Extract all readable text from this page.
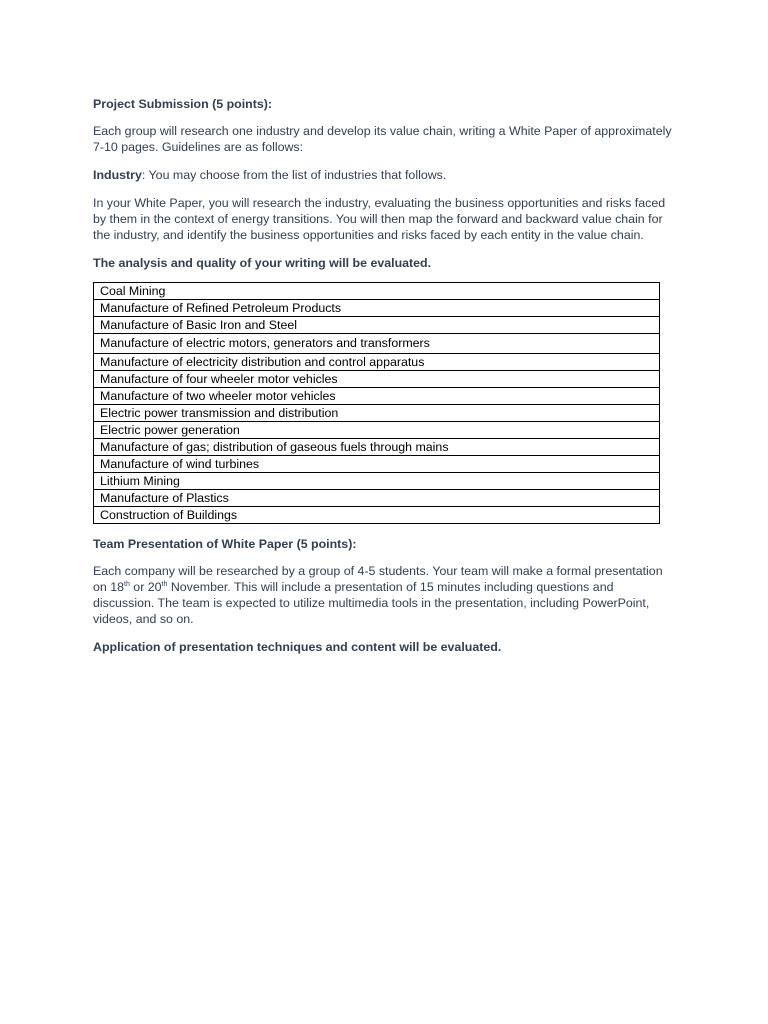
Project Submission (5 points):

Each group will research one industry and develop its value chain, writing a White Paper of approximately 7-10 pages. Guidelines are as follows:

Industry: You may choose from the list of industries that follows.

In your White Paper, you will research the industry, evaluating the business opportunities and risks faced by them in the context of energy transitions. You will then map the forward and backward value chain for the industry, and identify the business opportunities and risks faced by each entity in the value chain.

The analysis and quality of your writing will be evaluated.

Coal Mining
Manufacture of Refined Petroleum Products
Manufacture of Basic Iron and Steel
Manufacture of electric motors, generators and transformers
Manufacture of electricity distribution and control apparatus
Manufacture of four wheeler motor vehicles
Manufacture of two wheeler motor vehicles
Electric power transmission and distribution
Electric power generation
Manufacture of gas; distribution of gaseous fuels through mains
Manufacture of wind turbines
Lithium Mining
Manufacture of Plastics
Construction of Buildings

Team Presentation of White Paper (5 points):

Each company will be researched by a group of 4-5 students. Your team will make a formal presentation on 18th or 20th November. This will include a presentation of 15 minutes including questions and discussion. The team is expected to utilize multimedia tools in the presentation, including PowerPoint, videos, and so on.

Application of presentation techniques and content will be evaluated.
